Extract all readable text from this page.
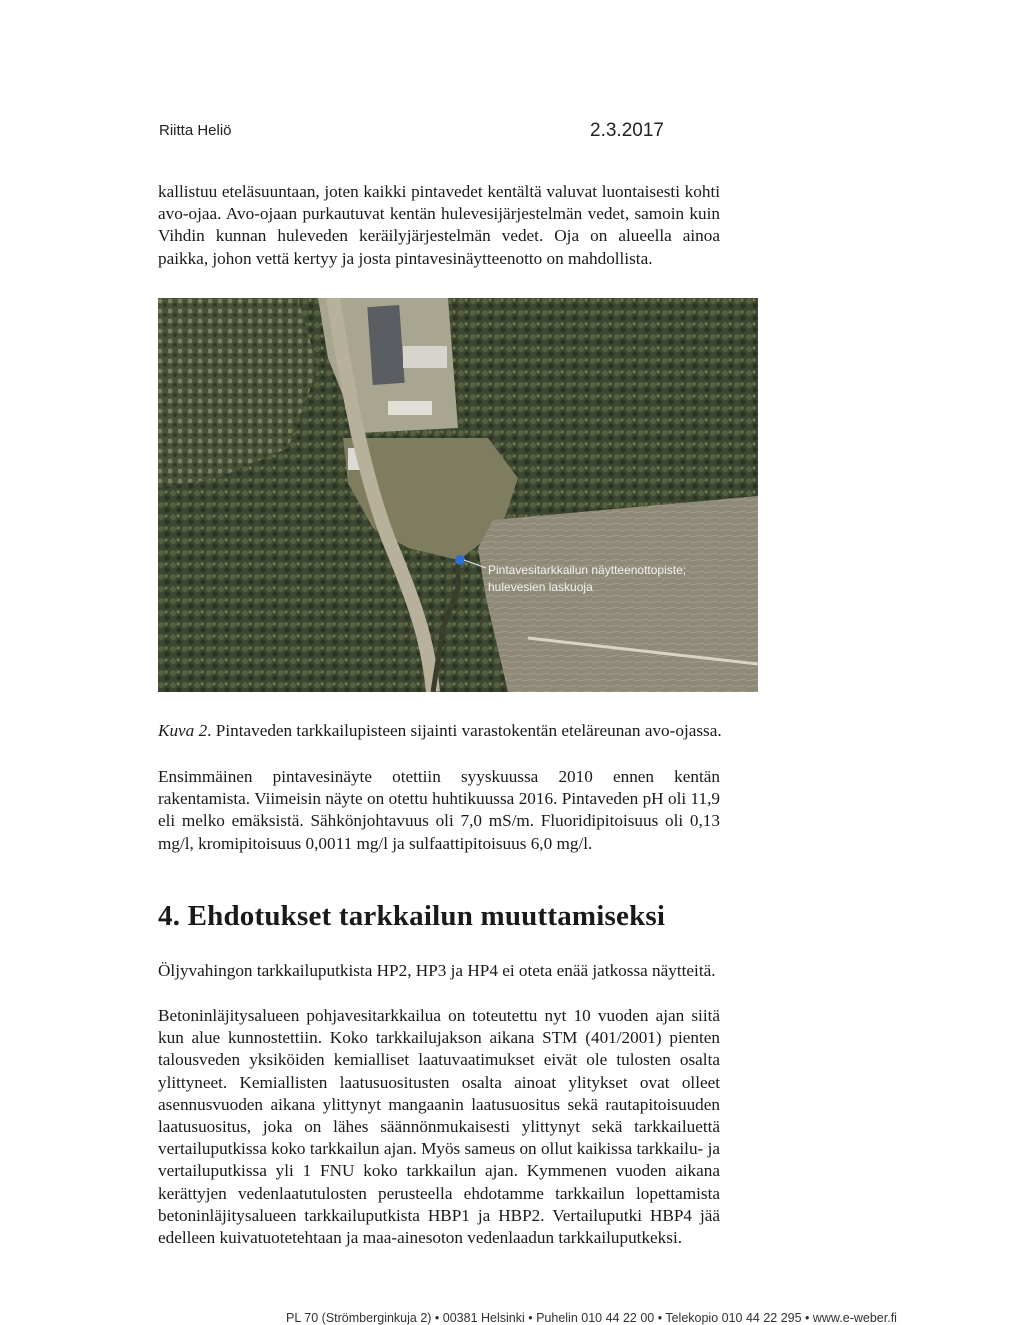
Riitta Heliö	2.3.2017

kallistuu eteläsuuntaan, joten kaikki pintavedet kentältä valuvat luontaisesti kohti avo-ojaa. Avo-ojaan purkautuvat kentän hulevesijärjestelmän vedet, samoin kuin Vihdin kunnan huleveden keräilyjärjestelmän vedet. Oja on alueella ainoa paikka, johon vettä kertyy ja josta pintavesinäytteenotto on mahdollista.

Pintavesitarkkailun näytteenottopiste;
hulevesien laskuoja
Kuva 2. Pintaveden tarkkailupisteen sijainti varastokentän eteläreunan avo-ojassa.

Ensimmäinen pintavesinäyte otettiin syyskuussa 2010 ennen kentän rakentamista. Viimeisin näyte on otettu huhtikuussa 2016. Pintaveden pH oli 11,9 eli melko emäksistä. Sähkönjohtavuus oli 7,0 mS/m. Fluoridipitoisuus oli 0,13 mg/l, kromipitoisuus 0,0011 mg/l ja sulfaattipitoisuus 6,0 mg/l.

4. Ehdotukset tarkkailun muuttamiseksi

Öljyvahingon tarkkailuputkista HP2, HP3 ja HP4 ei oteta enää jatkossa näytteitä.

Betoninläjitysalueen pohjavesitarkkailua on toteutettu nyt 10 vuoden ajan siitä kun alue kunnostettiin. Koko tarkkailujakson aikana STM (401/2001) pienten talousveden yksiköiden kemialliset laatuvaatimukset eivät ole tulosten osalta ylittyneet. Kemiallisten laatusuositusten osalta ainoat ylitykset ovat olleet asennusvuoden aikana ylittynyt mangaanin laatusuositus sekä rautapitoisuuden laatusuositus, joka on lähes säännönmukaisesti ylittynyt sekä tarkkailuettä vertailuputkissa koko tarkkailun ajan. Myös sameus on ollut kaikissa tarkkailu- ja vertailuputkissa yli 1 FNU koko tarkkailun ajan. Kymmenen vuoden aikana kerättyjen vedenlaatutulosten perusteella ehdotamme tarkkailun lopettamista betoninläjitysalueen tarkkailuputkista HBP1 ja HBP2. Vertailuputki HBP4 jää edelleen kuivatuotetehtaan ja maa-ainesoton vedenlaadun tarkkailuputkeksi.

PL 70 (Strömberginkuja 2) • 00381 Helsinki • Puhelin 010 44 22 00 • Telekopio 010 44 22 295 • www.e-weber.fi
